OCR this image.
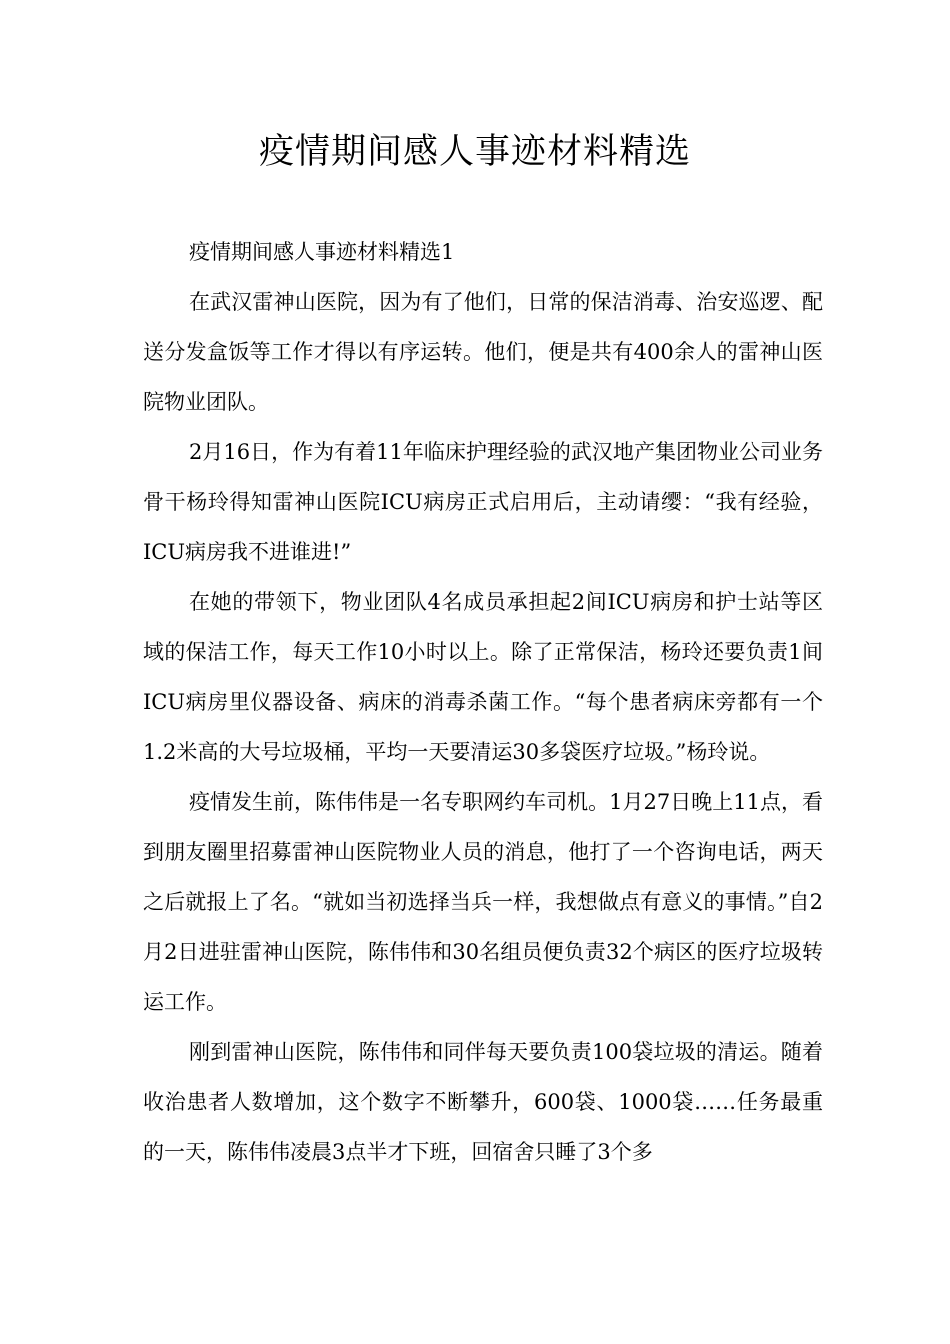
疫情期间感人事迹材料精选

疫情期间感人事迹材料精选1

在武汉雷神山医院，因为有了他们，日常的保洁消毒、治安巡逻、配送分发盒饭等工作才得以有序运转。他们，便是共有400余人的雷神山医院物业团队。

2月16日，作为有着11年临床护理经验的武汉地产集团物业公司业务骨干杨玲得知雷神山医院ICU病房正式启用后，主动请缨：“我有经验，ICU病房我不进谁进!”

在她的带领下，物业团队4名成员承担起2间ICU病房和护士站等区域的保洁工作，每天工作10小时以上。除了正常保洁，杨玲还要负责1间ICU病房里仪器设备、病床的消毒杀菌工作。“每个患者病床旁都有一个1.2米高的大号垃圾桶，平均一天要清运30多袋医疗垃圾。”杨玲说。

疫情发生前，陈伟伟是一名专职网约车司机。1月27日晚上11点，看到朋友圈里招募雷神山医院物业人员的消息，他打了一个咨询电话，两天之后就报上了名。“就如当初选择当兵一样，我想做点有意义的事情。”自2月2日进驻雷神山医院，陈伟伟和30名组员便负责32个病区的医疗垃圾转运工作。

刚到雷神山医院，陈伟伟和同伴每天要负责100袋垃圾的清运。随着收治患者人数增加，这个数字不断攀升，600袋、1000袋……任务最重的一天，陈伟伟凌晨3点半才下班，回宿舍只睡了3个多
